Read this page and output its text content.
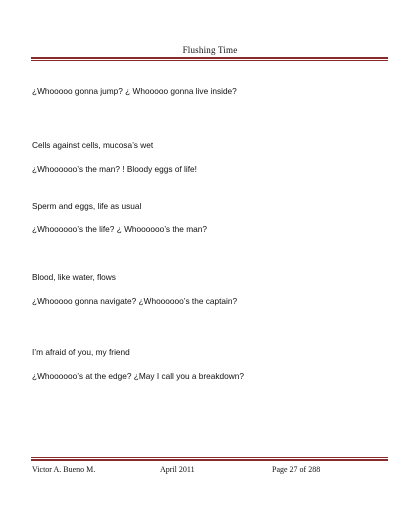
Flushing Time
¿Whooooo gonna jump? ¿ Whooooo gonna live inside?
Cells against cells, mucosa’s wet
¿Whoooooo’s the man? ! Bloody eggs of life!
Sperm and eggs, life as usual
¿Whoooooo’s the life? ¿ Whoooooo’s the man?
Blood, like water, flows
¿Whooooo gonna navigate? ¿Whoooooo’s the captain?
I’m afraid of you, my friend
¿Whoooooo’s at the edge? ¿May I call you a breakdown?
Victor A. Bueno M.	April 2011	Page 27 of 288
